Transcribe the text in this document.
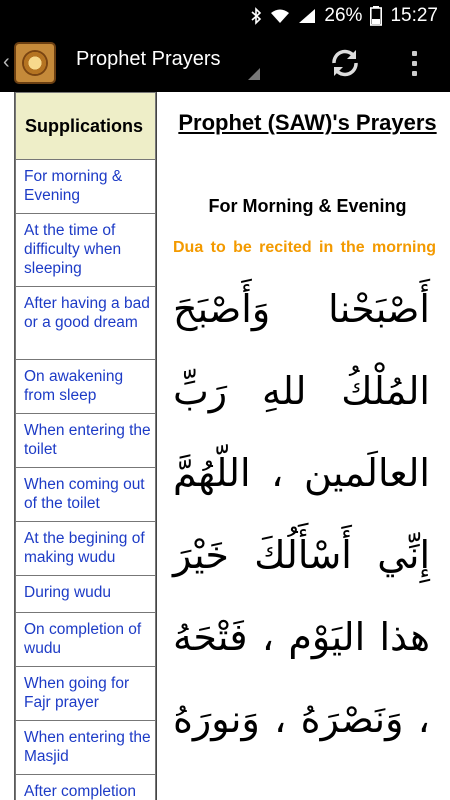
26% 15:27
‹	Prophet Prayers
Supplications
For morning & Evening
At the time of difficulty when sleeping
After having a bad or a good dream
On awakening from sleep
When entering the toilet
When coming out of the toilet
At the begining of making wudu
During wudu
On completion of wudu
When going for Fajr prayer
When entering the Masjid
After completion
Prophet (SAW)'s Prayers
For Morning & Evening
Dua to be recited in the morning
أَصْبَحْنا وَأَصْبَحَ المُلْكُ للهِ رَبِّ العالَمين ، اللّهُمَّ إِنِّي أَسْأَلُكَ خَيْرَ هذا اليَوْم ، فَتْحَهُ ، وَنَصْرَهُ ، وَنورَهُ
